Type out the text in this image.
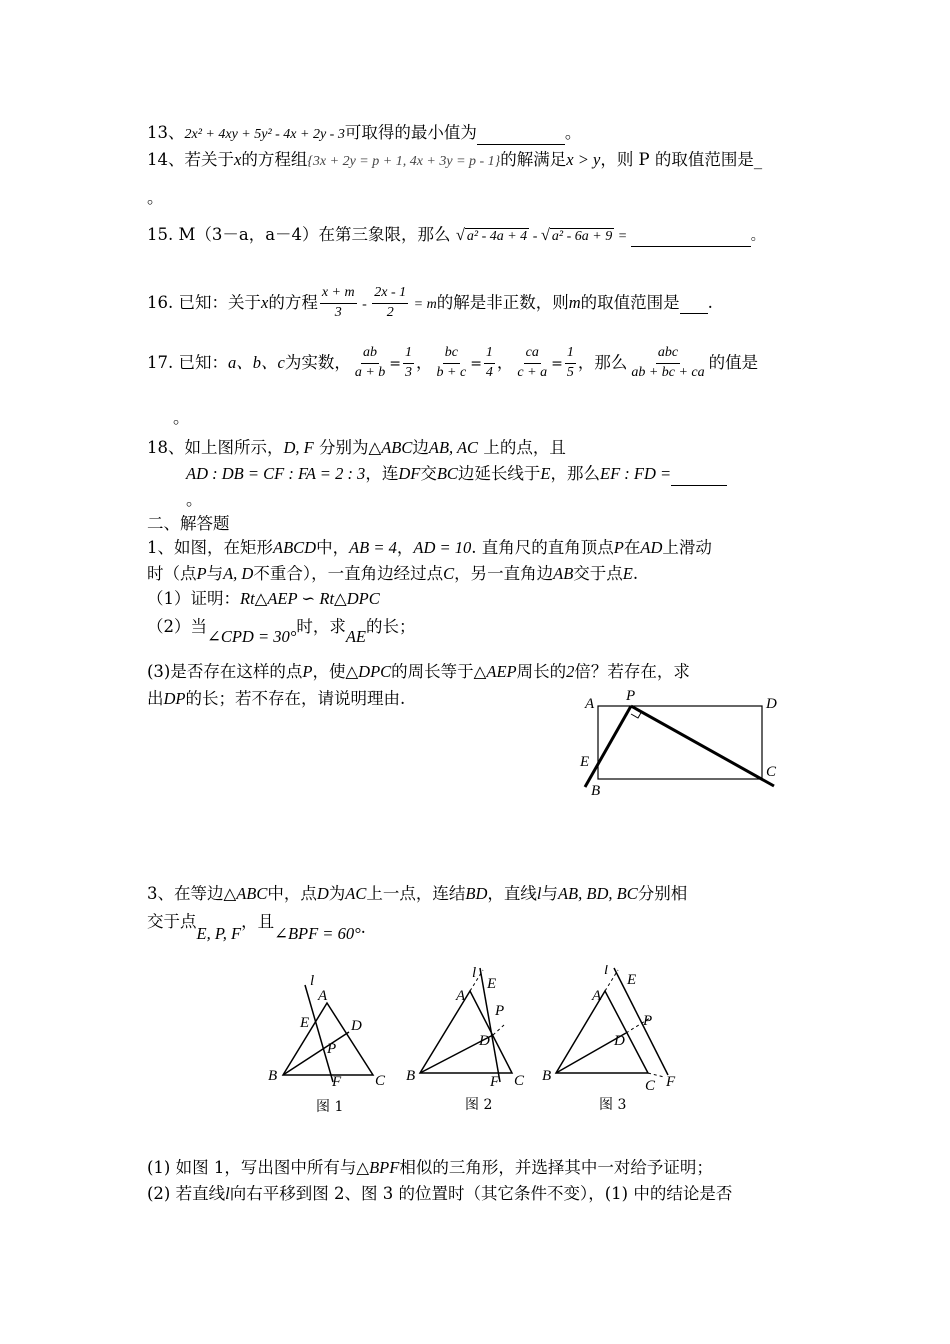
13、2x² + 4xy + 5y² - 4x + 2y - 3可取得的最小值为	。
14、若关于x的方程组{3x + 2y = p + 1, 4x + 3y = p - 1}的解满足x > y，则 P 的取值范围是_
。
15. M（3－a，a－4）在第三象限，那么 √ a² - 4a + 4 - √ a² - 6a + 9 =	。
16. 已知：关于x的方程 $\frac{x + m}{3} - \frac{2x - 1}{2} = m$的解是非正数，则m的取值范围是 .
17. 已知：a、b、c为实数， $\frac{ab}{a + b} = \frac{1}{3}$ ， $\frac{bc}{b + c} = \frac{1}{4}$ ， $\frac{ca}{c + a} = \frac{1}{5}$ ，那么 $\frac{\text{abc}}{ab + bc + ca}$ 的值是
。
18、如上图所示，D, F 分别为△ABC边AB, AC 上的点，且
AD : DB = CF : FA = 2 : 3，连DF交BC边延长线于E，那么EF : FD =
。
二、解答题
1、如图，在矩形ABCD中，AB = 4，AD = 10. 直角尺的直角顶点P在AD上滑动
时（点P与A, D不重合），一直角边经过点C，另一直角边AB交于点E.
（1）证明：Rt△AEP ∽ Rt△DPC
（2）当∠CPD = 30°时，求AE的长；
(3)是否存在这样的点P，使△DPC的周长等于△AEP周长的2倍？若存在，求
出DP的长；若不存在，请说明理由.	A P	D
E
C
B
3、在等边△ABC中，点D为AC上一点，连结BD，直线l与AB, BD, BC分别相
交于点E, P, F，且∠BPF = 60°.
l
A
E	D
P
B	F C
l
E
A
P
D
B	F C
l
E
A
P
D
B
C F
图 1	图 2	图 3
(1) 如图 1，写出图中所有与△BPF相似的三角形，并选择其中一对给予证明；
(2) 若直线l向右平移到图 2、图 3 的位置时（其它条件不变），(1) 中的结论是否
